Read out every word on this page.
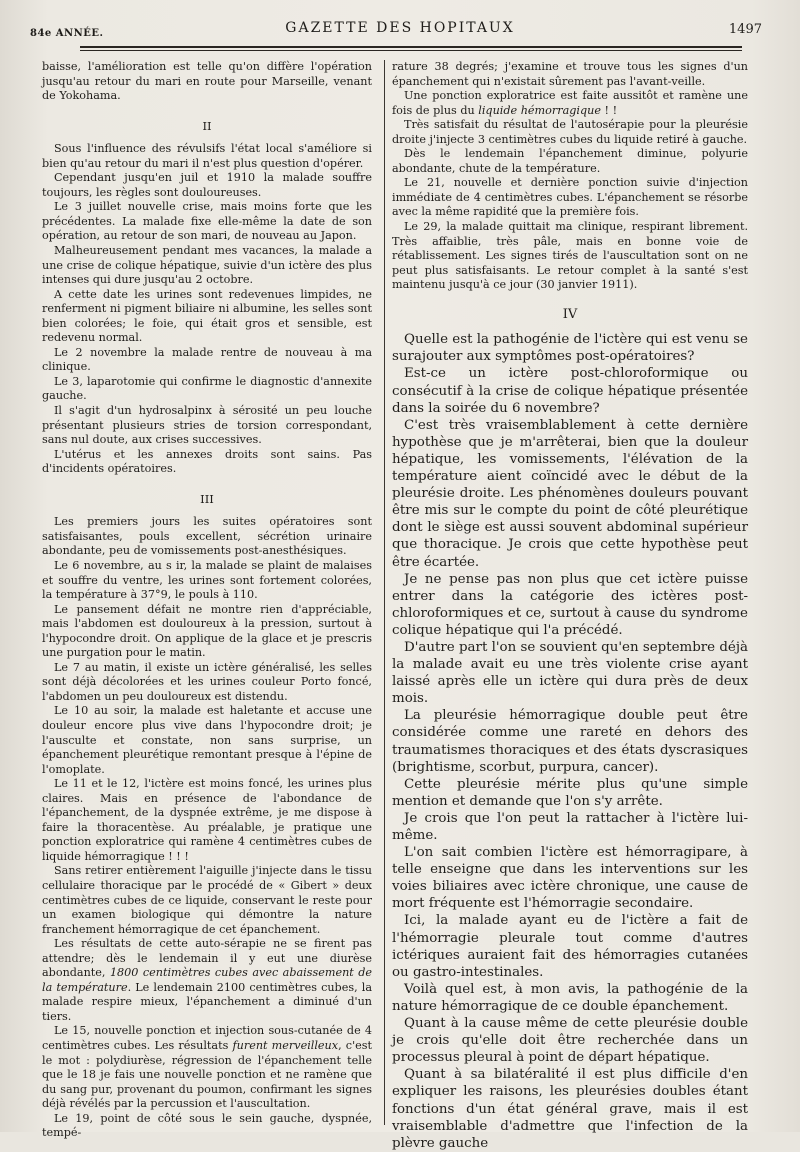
84e ANNÉE.	GAZETTE DES HOPITAUX	1497

baisse, l'amélioration est telle qu'on diffère l'opération jusqu'au retour du mari en route pour Marseille, venant de Yokohama.

II

Sous l'influence des révulsifs l'état local s'améliore si bien qu'au retour du mari il n'est plus question d'opérer.

Cependant jusqu'en juil et 1910 la malade souffre toujours, les règles sont douloureuses.

Le 3 juillet nouvelle crise, mais moins forte que les précédentes. La malade fixe elle-même la date de son opération, au retour de son mari, de nouveau au Japon.

Malheureusement pendant mes vacances, la malade a une crise de colique hépatique, suivie d'un ictère des plus intenses qui dure jusqu'au 2 octobre.

A cette date les urines sont redevenues limpides, ne renferment ni pigment biliaire ni albumine, les selles sont bien colorées; le foie, qui était gros et sensible, est redevenu normal.

Le 2 novembre la malade rentre de nouveau à ma clinique.

Le 3, laparotomie qui confirme le diagnostic d'annexite gauche.

Il s'agit d'un hydrosalpinx à sérosité un peu louche présentant plusieurs stries de torsion correspondant, sans nul doute, aux crises successives.

L'utérus et les annexes droits sont sains. Pas d'incidents opératoires.

III

Les premiers jours les suites opératoires sont satisfaisantes, pouls excellent, sécrétion urinaire abondante, peu de vomissements post-anesthésiques.

Le 6 novembre, au s ir, la malade se plaint de malaises et souffre du ventre, les urines sont fortement colorées, la température à 37°9, le pouls à 110.

Le pansement défait ne montre rien d'appréciable, mais l'abdomen est douloureux à la pression, surtout à l'hypocondre droit. On applique de la glace et je prescris une purgation pour le matin.

Le 7 au matin, il existe un ictère généralisé, les selles sont déjà décolorées et les urines couleur Porto foncé, l'abdomen un peu douloureux est distendu.

Le 10 au soir, la malade est haletante et accuse une douleur encore plus vive dans l'hypocondre droit; je l'ausculte et constate, non sans surprise, un épanchement pleurétique remontant presque à l'épine de l'omoplate.

Le 11 et le 12, l'ictère est moins foncé, les urines plus claires. Mais en présence de l'abondance de l'épanchement, de la dyspnée extrême, je me dispose à faire la thoracentèse. Au préalable, je pratique une ponction exploratrice qui ramène 4 centimètres cubes de liquide hémorragique ! ! !

Sans retirer entièrement l'aiguille j'injecte dans le tissu cellulaire thoracique par le procédé de « Gibert » deux centimètres cubes de ce liquide, conservant le reste pour un examen biologique qui démontre la nature franchement hémorragique de cet épanchement.

Les résultats de cette auto-sérapie ne se firent pas attendre; dès le lendemain il y eut une diurèse abondante, 1800 centimètres cubes avec abaissement de la température. Le lendemain 2100 centimètres cubes, la malade respire mieux, l'épanchement a diminué d'un tiers.

Le 15, nouvelle ponction et injection sous-cutanée de 4 centimètres cubes. Les résultats furent merveilleux, c'est le mot : polydiurèse, régression de l'épanchement telle que le 18 je fais une nouvelle ponction et ne ramène que du sang pur, provenant du poumon, confirmant les signes déjà révélés par la percussion et l'auscultation.

Le 19, point de côté sous le sein gauche, dyspnée, tempé-

rature 38 degrés; j'examine et trouve tous les signes d'un épanchement qui n'existait sûrement pas l'avant-veille.

Une ponction exploratrice est faite aussitôt et ramène une fois de plus du liquide hémorragique ! !

Très satisfait du résultat de l'autosérapie pour la pleurésie droite j'injecte 3 centimètres cubes du liquide retiré à gauche.

Dès le lendemain l'épanchement diminue, polyurie abondante, chute de la température.

Le 21, nouvelle et dernière ponction suivie d'injection immédiate de 4 centimètres cubes. L'épanchement se résorbe avec la même rapidité que la première fois.

Le 29, la malade quittait ma clinique, respirant librement. Très affaiblie, très pâle, mais en bonne voie de rétablissement. Les signes tirés de l'auscultation sont on ne peut plus satisfaisants. Le retour complet à la santé s'est maintenu jusqu'à ce jour (30 janvier 1911).

IV

Quelle est la pathogénie de l'ictère qui est venu se surajouter aux symptômes post-opératoires?

Est-ce un ictère post-chloroformique ou consécutif à la crise de colique hépatique présentée dans la soirée du 6 novembre?

C'est très vraisemblablement à cette dernière hypothèse que je m'arrêterai, bien que la douleur hépatique, les vomissements, l'élévation de la température aient coïncidé avec le début de la pleurésie droite. Les phénomènes douleurs pouvant être mis sur le compte du point de côté pleurétique dont le siège est aussi souvent abdominal supérieur que thoracique. Je crois que cette hypothèse peut être écartée.

Je ne pense pas non plus que cet ictère puisse entrer dans la catégorie des ictères post-chloroformiques et ce, surtout à cause du syndrome colique hépatique qui l'a précédé.

D'autre part l'on se souvient qu'en septembre déjà la malade avait eu une très violente crise ayant laissé après elle un ictère qui dura près de deux mois.

La pleurésie hémorragique double peut être considérée comme une rareté en dehors des traumatismes thoraciques et des états dyscrasiques (brightisme, scorbut, purpura, cancer).

Cette pleurésie mérite plus qu'une simple mention et demande que l'on s'y arrête.

Je crois que l'on peut la rattacher à l'ictère lui-même.

L'on sait combien l'ictère est hémorragipare, à telle enseigne que dans les interventions sur les voies biliaires avec ictère chronique, une cause de mort fréquente est l'hémorragie secondaire.

Ici, la malade ayant eu de l'ictère a fait de l'hémorragie pleurale tout comme d'autres ictériques auraient fait des hémorragies cutanées ou gastro-intestinales.

Voilà quel est, à mon avis, la pathogénie de la nature hémorragique de ce double épanchement.

Quant à la cause même de cette pleurésie double je crois qu'elle doit être recherchée dans un processus pleural à point de départ hépatique.

Quant à sa bilatéralité il est plus difficile d'en expliquer les raisons, les pleurésies doubles étant fonctions d'un état général grave, mais il est vraisemblable d'admettre que l'infection de la plèvre gauche
